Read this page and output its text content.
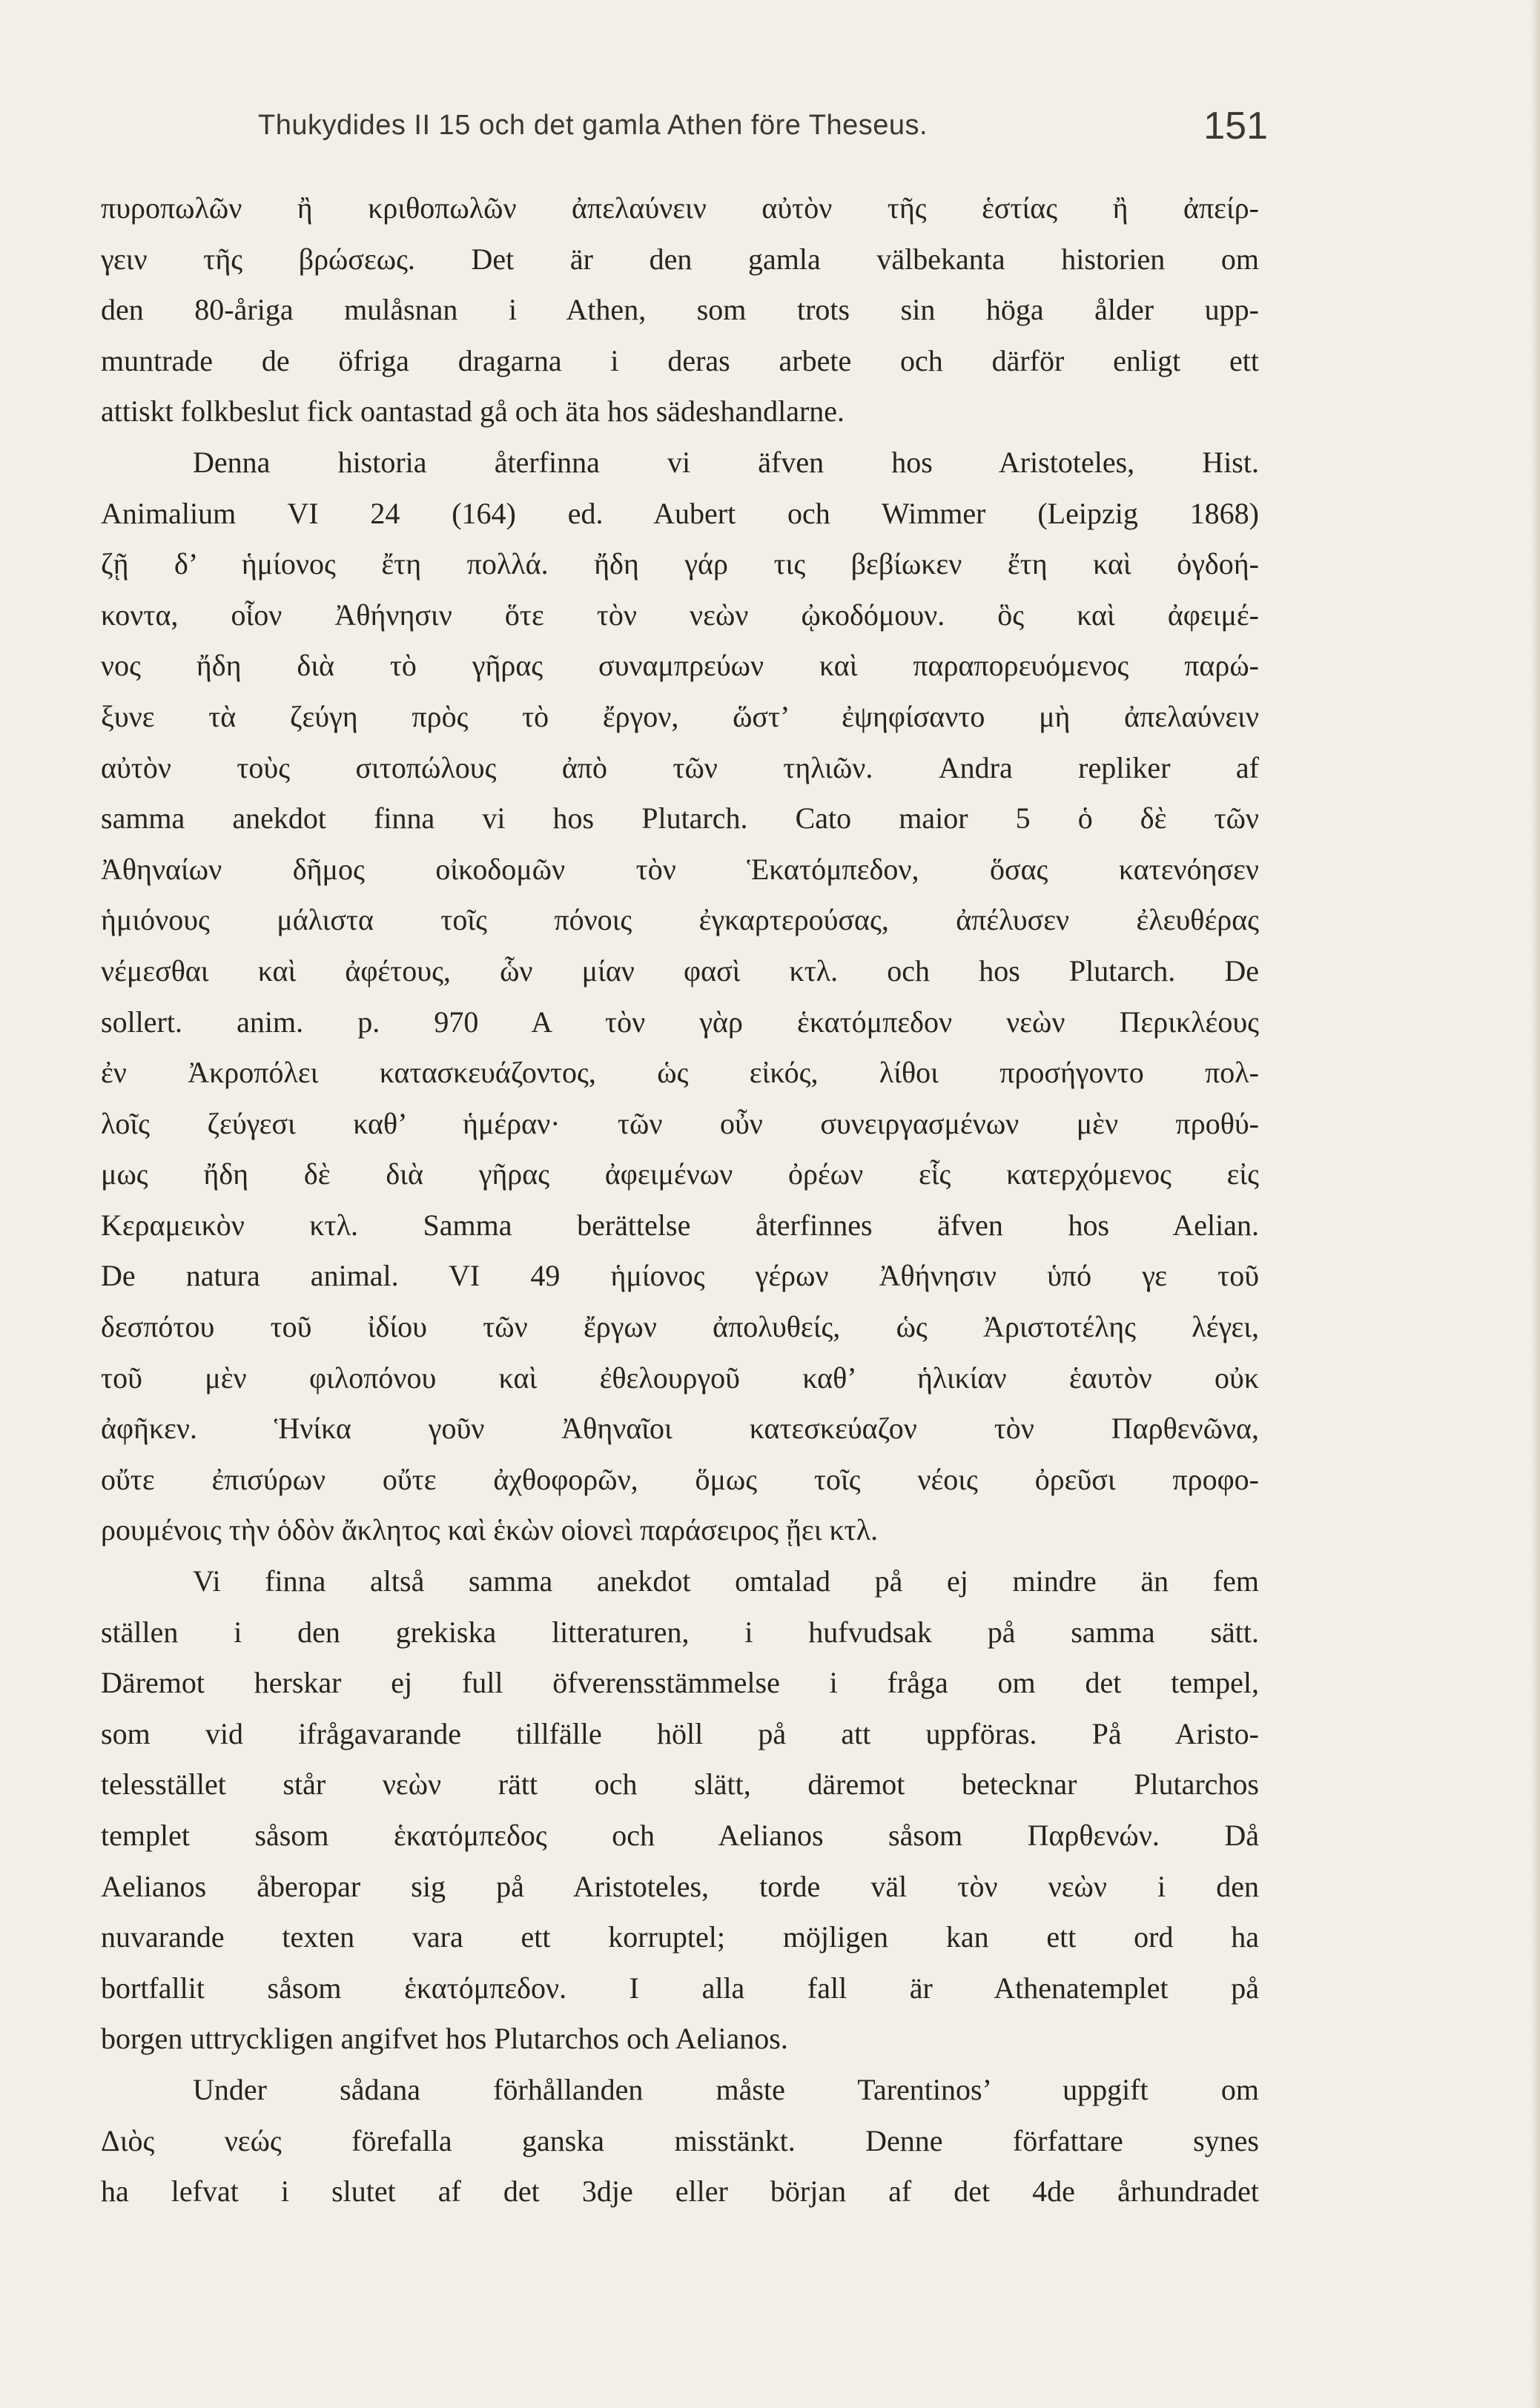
Thukydides II 15 och det gamla Athen före Theseus.	151
πυροπωλῶν ἢ κριθοπωλῶν ἀπελαύνειν αὐτὸν τῆς ἑστίας ἢ ἀπείρ-
γειν τῆς βρώσεως. Det är den gamla välbekanta historien om
den 80-åriga mulåsnan i Athen, som trots sin höga ålder upp-
muntrade de öfriga dragarna i deras arbete och därför enligt ett
attiskt folkbeslut fick oantastad gå och äta hos sädeshandlarne.
Denna historia återfinna vi äfven hos Aristoteles, Hist.
Animalium VI 24 (164) ed. Aubert och Wimmer (Leipzig 1868)
ζῇ δ’ ἡμίονος ἔτη πολλά. ἤδη γάρ τις βεβίωκεν ἔτη καὶ ὀγδοή-
κοντα, οἷον Ἀθήνησιν ὅτε τὸν νεὼν ᾠκοδόμουν. ὃς καὶ ἀφειμέ-
νος ἤδη διὰ τὸ γῆρας συναμπρεύων καὶ παραπορευόμενος παρώ-
ξυνε τὰ ζεύγη πρὸς τὸ ἔργον, ὥστ’ ἐψηφίσαντο μὴ ἀπελαύνειν
αὐτὸν τοὺς σιτοπώλους ἀπὸ τῶν τηλιῶν. Andra repliker af
samma anekdot finna vi hos Plutarch. Cato maior 5 ὁ δὲ τῶν
Ἀθηναίων δῆμος οἰκοδομῶν τὸν Ἑκατόμπεδον, ὅσας κατενόησεν
ἡμιόνους μάλιστα τοῖς πόνοις ἐγκαρτερούσας, ἀπέλυσεν ἐλευθέρας
νέμεσθαι καὶ ἀφέτους, ὧν μίαν φασὶ κτλ. och hos Plutarch. De
sollert. anim. p. 970 A τὸν γὰρ ἑκατόμπεδον νεὼν Περικλέους
ἐν Ἀκροπόλει κατασκευάζοντος, ὡς εἰκός, λίθοι προσήγοντο πολ-
λοῖς ζεύγεσι καθ’ ἡμέραν· τῶν οὖν συνειργασμένων μὲν προθύ-
μως ἤδη δὲ διὰ γῆρας ἀφειμένων ὀρέων εἷς κατερχόμενος εἰς
Κεραμεικὸν κτλ. Samma berättelse återfinnes äfven hos Aelian.
De natura animal. VI 49 ἡμίονος γέρων Ἀθήνησιν ὑπό γε τοῦ
δεσπότου τοῦ ἰδίου τῶν ἔργων ἀπολυθείς, ὡς Ἀριστοτέλης λέγει,
τοῦ μὲν φιλοπόνου καὶ ἐθελουργοῦ καθ’ ἡλικίαν ἑαυτὸν οὐκ
ἀφῆκεν. Ἡνίκα γοῦν Ἀθηναῖοι κατεσκεύαζον τὸν Παρθενῶνα,
οὔτε ἐπισύρων οὔτε ἀχθοφορῶν, ὅμως τοῖς νέοις ὀρεῦσι προφο-
ρουμένοις τὴν ὁδὸν ἄκλητος καὶ ἑκὼν οἱονεὶ παράσειρος ᾔει κτλ.
Vi finna altså samma anekdot omtalad på ej mindre än fem
ställen i den grekiska litteraturen, i hufvudsak på samma sätt.
Däremot herskar ej full öfverensstämmelse i fråga om det tempel,
som vid ifrågavarande tillfälle höll på att uppföras. På Aristo-
telesstället står νεὼν rätt och slätt, däremot betecknar Plutarchos
templet såsom ἑκατόμπεδος och Aelianos såsom Παρθενών. Då
Aelianos åberopar sig på Aristoteles, torde väl τὸν νεὼν i den
nuvarande texten vara ett korruptel; möjligen kan ett ord ha
bortfallit såsom ἑκατόμπεδον. I alla fall är Athenatemplet på
borgen uttryckligen angifvet hos Plutarchos och Aelianos.
Under sådana förhållanden måste Tarentinos’ uppgift om
Διὸς νεώς förefalla ganska misstänkt. Denne författare synes
ha lefvat i slutet af det 3dje eller början af det 4de århundradet
